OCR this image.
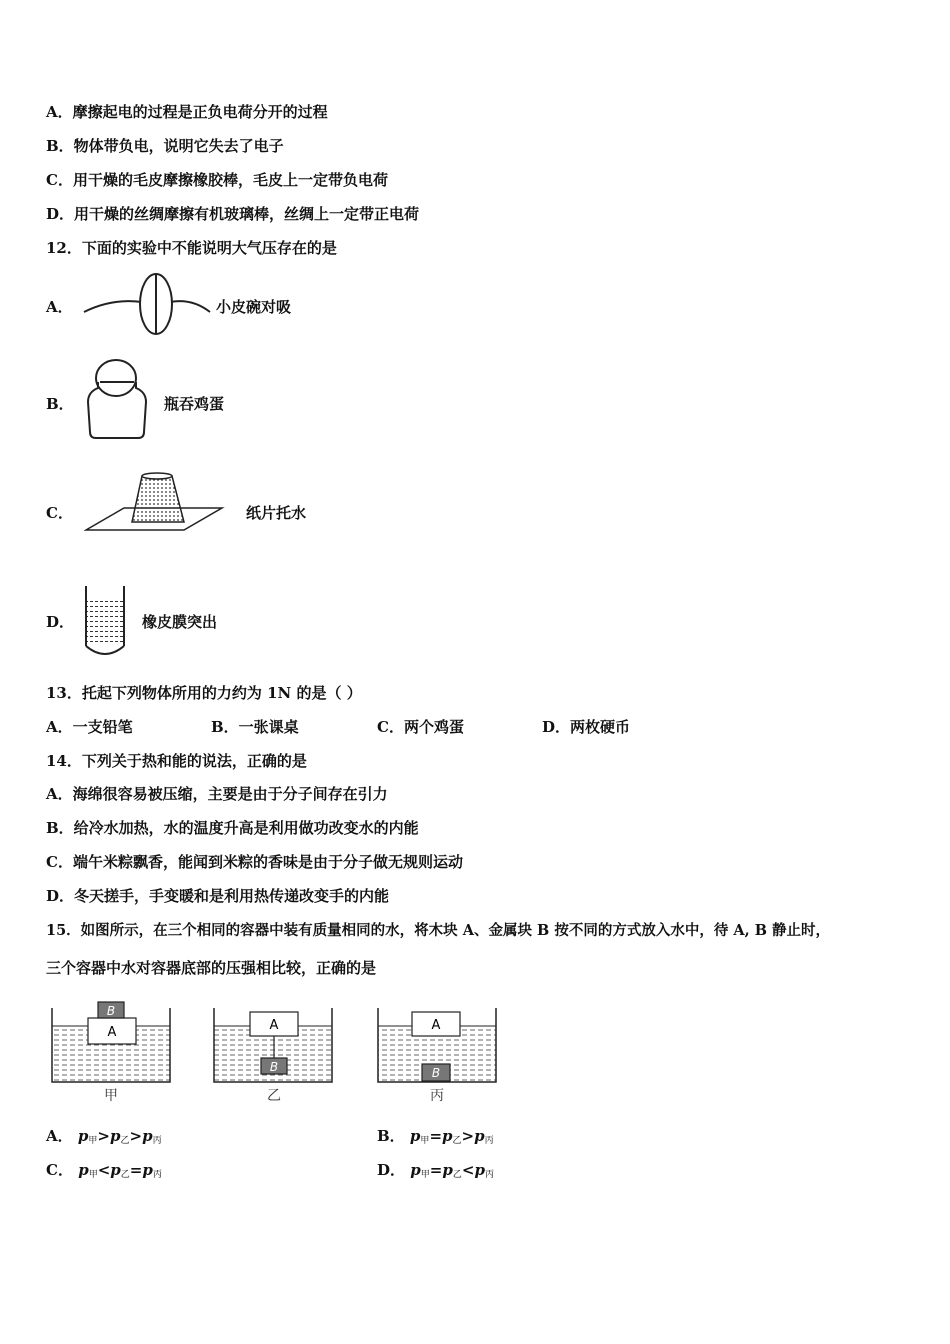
A．摩擦起电的过程是正负电荷分开的过程
B．物体带负电，说明它失去了电子
C．用干燥的毛皮摩擦橡胶棒，毛皮上一定带负电荷
D．用干燥的丝绸摩擦有机玻璃棒，丝绸上一定带正电荷
12．下面的实验中不能说明大气压存在的是
A．	小皮碗对吸
B．	瓶吞鸡蛋
C．	纸片托水
D．	橡皮膜突出
13．托起下列物体所用的力约为 1N 的是（ ）
A．一支铅笔	B．一张课桌	C．两个鸡蛋	D．两枚硬币
14．下列关于热和能的说法，正确的是
A．海绵很容易被压缩，主要是由于分子间存在引力
B．给冷水加热，水的温度升高是利用做功改变水的内能
C．端午米粽飘香，能闻到米粽的香味是由于分子做无规则运动
D．冬天搓手，手变暖和是利用热传递改变手的内能
15．如图所示，在三个相同的容器中装有质量相同的水，将木块 A、金属块 B 按不同的方式放入水中，待 A, B 静止时，
三个容器中水对容器底部的压强相比较，正确的是
A
B
A
B
A
B
甲	乙	丙
A． $p_甲>p_乙>p_丙$	B． $p_甲=p_乙>p_丙$
C． $p_甲<p_乙=p_丙$	D． $p_甲=p_乙<p_丙$
